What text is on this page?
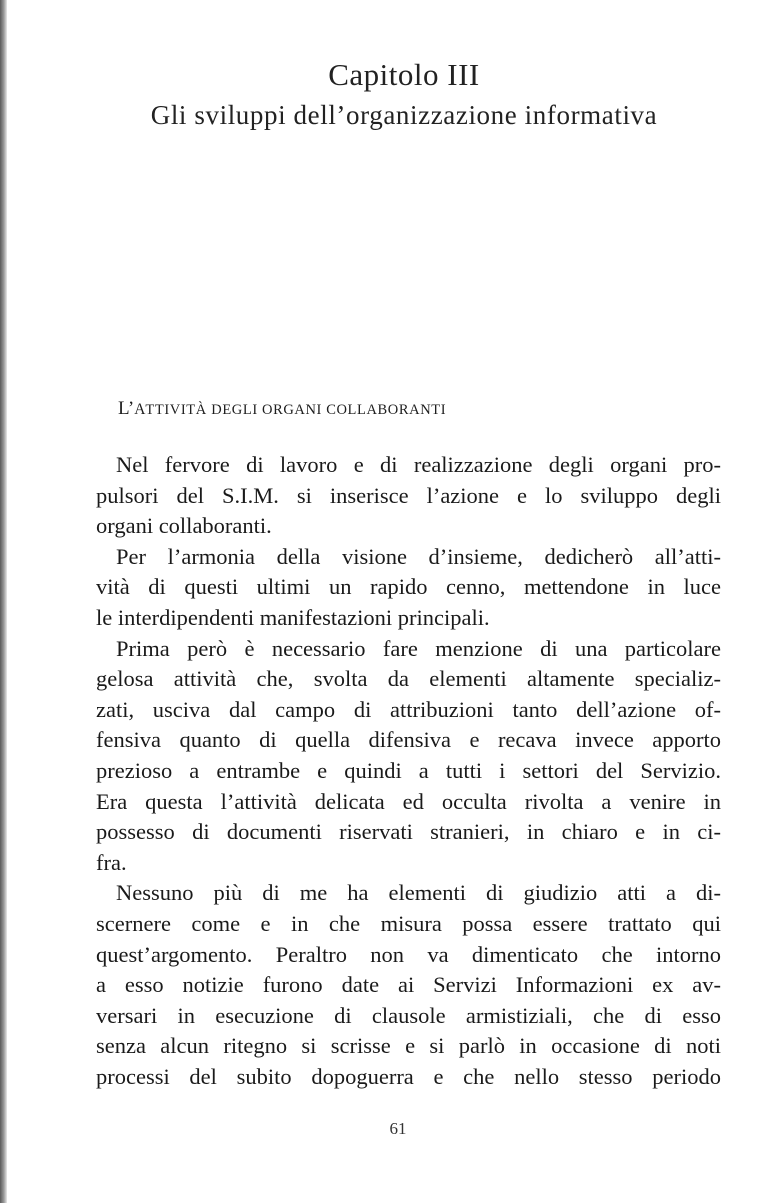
Capitolo III
Gli sviluppi dell’organizzazione informativa
L’ATTIVITÀ DEGLI ORGANI COLLABORANTI
Nel fervore di lavoro e di realizzazione degli organi pro-
pulsori del S.I.M. si inserisce l’azione e lo sviluppo degli
organi collaboranti.
Per l’armonia della visione d’insieme, dedicherò all’atti-
vità di questi ultimi un rapido cenno, mettendone in luce
le interdipendenti manifestazioni principali.
Prima però è necessario fare menzione di una particolare
gelosa attività che, svolta da elementi altamente specializ-
zati, usciva dal campo di attribuzioni tanto dell’azione of-
fensiva quanto di quella difensiva e recava invece apporto
prezioso a entrambe e quindi a tutti i settori del Servizio.
Era questa l’attività delicata ed occulta rivolta a venire in
possesso di documenti riservati stranieri, in chiaro e in ci-
fra.
Nessuno più di me ha elementi di giudizio atti a di-
scernere come e in che misura possa essere trattato qui
quest’argomento. Peraltro non va dimenticato che intorno
a esso notizie furono date ai Servizi Informazioni ex av-
versari in esecuzione di clausole armistiziali, che di esso
senza alcun ritegno si scrisse e si parlò in occasione di noti
processi del subito dopoguerra e che nello stesso periodo
61
